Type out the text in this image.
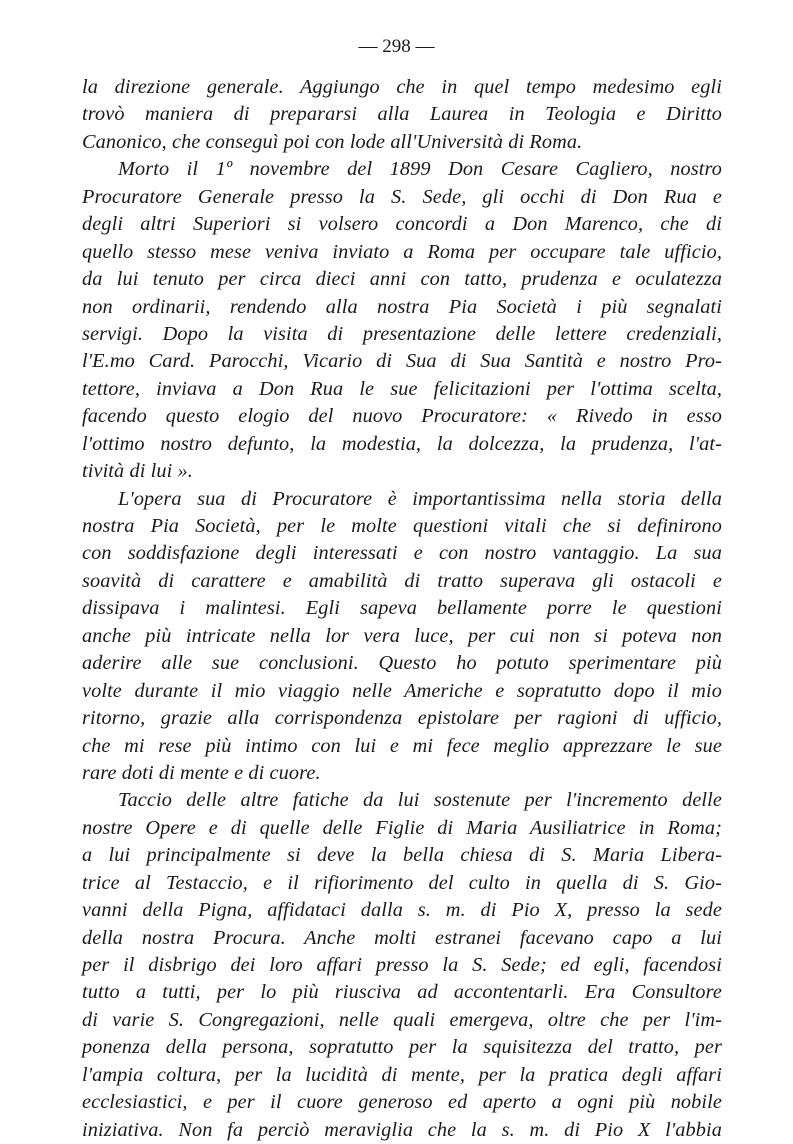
— 298 —
la direzione generale. Aggiungo che in quel tempo medesimo egli
trovò maniera di prepararsi alla Laurea in Teologia e Diritto
Canonico, che conseguì poi con lode all'Università di Roma.
Morto il 1º novembre del 1899 Don Cesare Cagliero, nostro
Procuratore Generale presso la S. Sede, gli occhi di Don Rua e
degli altri Superiori si volsero concordi a Don Marenco, che di
quello stesso mese veniva inviato a Roma per occupare tale ufficio,
da lui tenuto per circa dieci anni con tatto, prudenza e oculatezza
non ordinarii, rendendo alla nostra Pia Società i più segnalati
servigi. Dopo la visita di presentazione delle lettere credenziali,
l'E.mo Card. Parocchi, Vicario di Sua di Sua Santità e nostro Pro-
tettore, inviava a Don Rua le sue felicitazioni per l'ottima scelta,
facendo questo elogio del nuovo Procuratore: « Rivedo in esso
l'ottimo nostro defunto, la modestia, la dolcezza, la prudenza, l'at-
tività di lui ».
L'opera sua di Procuratore è importantissima nella storia della
nostra Pia Società, per le molte questioni vitali che si definirono
con soddisfazione degli interessati e con nostro vantaggio. La sua
soavità di carattere e amabilità di tratto superava gli ostacoli e
dissipava i malintesi. Egli sapeva bellamente porre le questioni
anche più intricate nella lor vera luce, per cui non si poteva non
aderire alle sue conclusioni. Questo ho potuto sperimentare più
volte durante il mio viaggio nelle Americhe e sopratutto dopo il mio
ritorno, grazie alla corrispondenza epistolare per ragioni di ufficio,
che mi rese più intimo con lui e mi fece meglio apprezzare le sue
rare doti di mente e di cuore.
Taccio delle altre fatiche da lui sostenute per l'incremento delle
nostre Opere e di quelle delle Figlie di Maria Ausiliatrice in Roma;
a lui principalmente si deve la bella chiesa di S. Maria Libera-
trice al Testaccio, e il rifiorimento del culto in quella di S. Gio-
vanni della Pigna, affidataci dalla s. m. di Pio X, presso la sede
della nostra Procura. Anche molti estranei facevano capo a lui
per il disbrigo dei loro affari presso la S. Sede; ed egli, facendosi
tutto a tutti, per lo più riusciva ad accontentarli. Era Consultore
di varie S. Congregazioni, nelle quali emergeva, oltre che per l'im-
ponenza della persona, sopratutto per la squisitezza del tratto, per
l'ampia coltura, per la lucidità di mente, per la pratica degli affari
ecclesiastici, e per il cuore generoso ed aperto a ogni più nobile
iniziativa. Non fa perciò meraviglia che la s. m. di Pio X l'abbia
